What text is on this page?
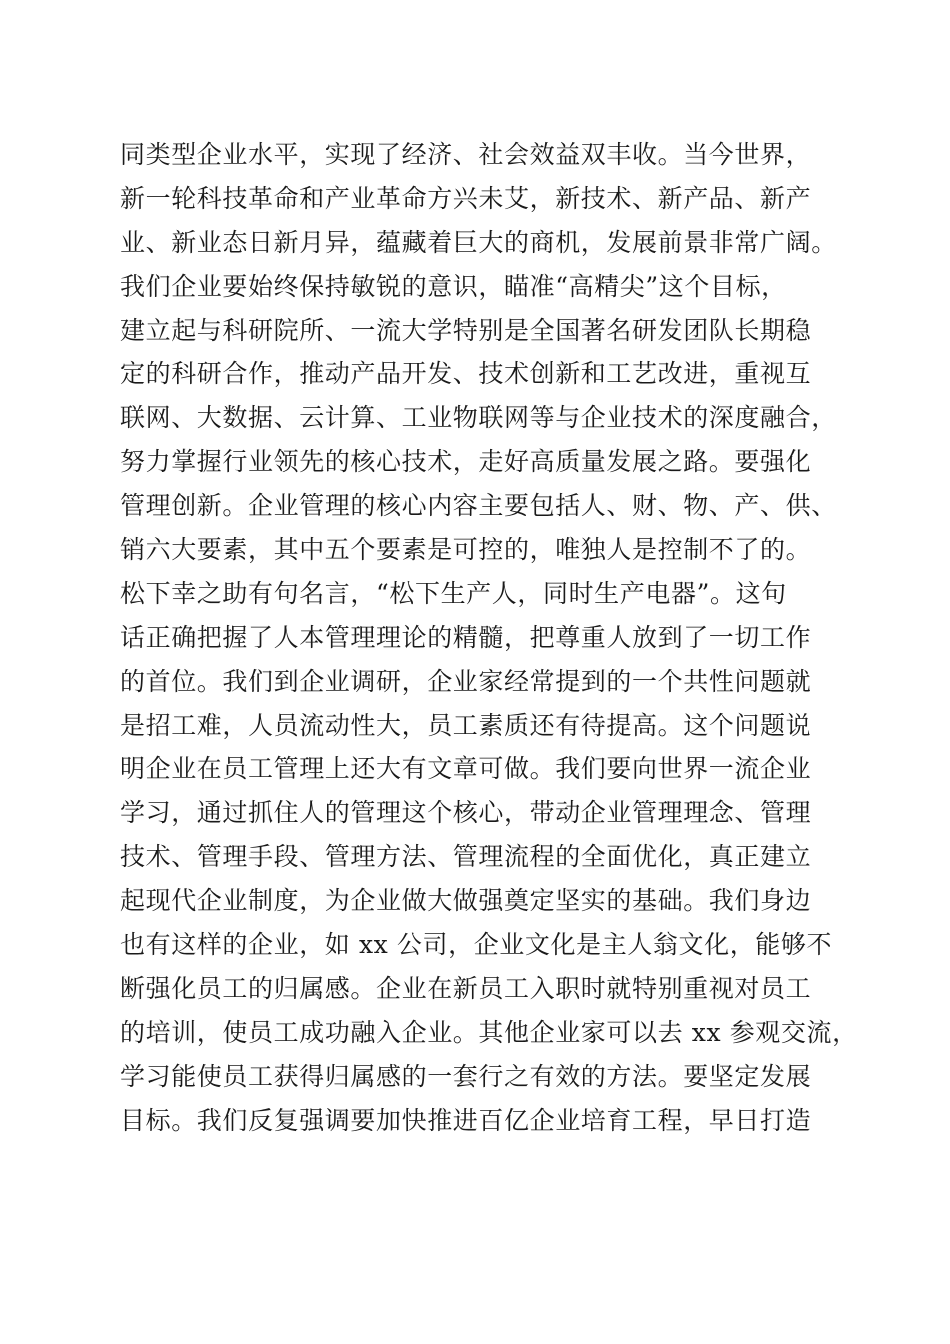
同类型企业水平，实现了经济、社会效益双丰收。当今世界，
新一轮科技革命和产业革命方兴未艾，新技术、新产品、新产
业、新业态日新月异，蕴藏着巨大的商机，发展前景非常广阔。
我们企业要始终保持敏锐的意识，瞄准“高精尖”这个目标，
建立起与科研院所、一流大学特别是全国著名研发团队长期稳
定的科研合作，推动产品开发、技术创新和工艺改进，重视互
联网、大数据、云计算、工业物联网等与企业技术的深度融合，
努力掌握行业领先的核心技术，走好高质量发展之路。要强化
管理创新。企业管理的核心内容主要包括人、财、物、产、供、
销六大要素，其中五个要素是可控的，唯独人是控制不了的。
松下幸之助有句名言，“松下生产人，同时生产电器”。这句
话正确把握了人本管理理论的精髓，把尊重人放到了一切工作
的首位。我们到企业调研，企业家经常提到的一个共性问题就
是招工难，人员流动性大，员工素质还有待提高。这个问题说
明企业在员工管理上还大有文章可做。我们要向世界一流企业
学习，通过抓住人的管理这个核心，带动企业管理理念、管理
技术、管理手段、管理方法、管理流程的全面优化，真正建立
起现代企业制度，为企业做大做强奠定坚实的基础。我们身边
也有这样的企业，如 xx 公司，企业文化是主人翁文化，能够不
断强化员工的归属感。企业在新员工入职时就特别重视对员工
的培训，使员工成功融入企业。其他企业家可以去 xx 参观交流，
学习能使员工获得归属感的一套行之有效的方法。要坚定发展
目标。我们反复强调要加快推进百亿企业培育工程，早日打造
